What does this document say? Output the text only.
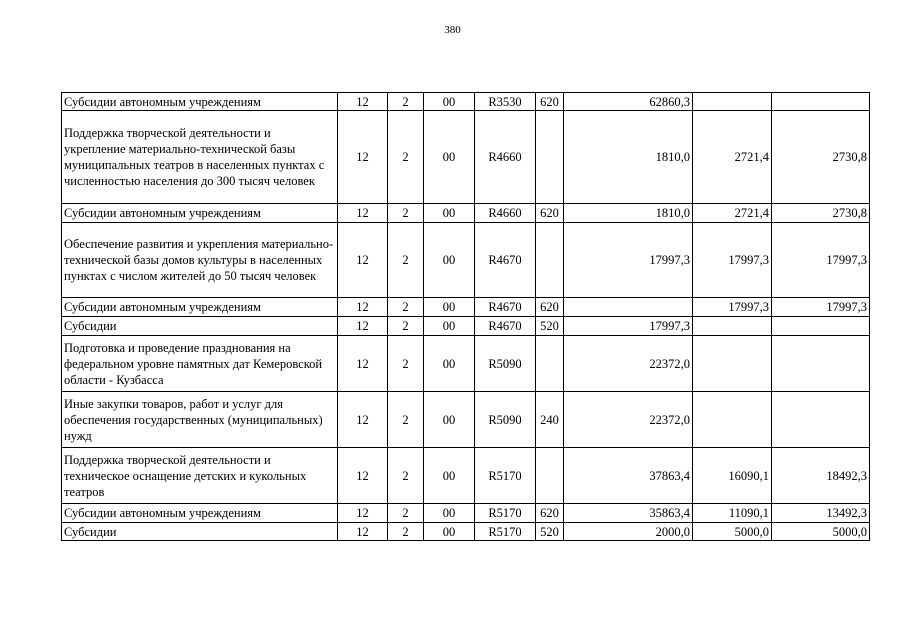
380
Субсидии автономным учреждениям	12	2	00	R3530	620	62860,3		
Поддержка творческой деятельности и укрепление материально-технической базы муниципальных театров в населенных пунктах с численностью населения до 300 тысяч человек	12	2	00	R4660		1810,0	2721,4	2730,8
Субсидии автономным учреждениям	12	2	00	R4660	620	1810,0	2721,4	2730,8
Обеспечение развития и укрепления материально-технической базы домов культуры в населенных пунктах с числом жителей до 50 тысяч человек	12	2	00	R4670		17997,3	17997,3	17997,3
Субсидии автономным учреждениям	12	2	00	R4670	620		17997,3	17997,3
Субсидии	12	2	00	R4670	520	17997,3		
Подготовка и проведение празднования на федеральном уровне памятных дат Кемеровской области - Кузбасса	12	2	00	R5090		22372,0		
Иные закупки товаров, работ и услуг для обеспечения государственных (муниципальных) нужд	12	2	00	R5090	240	22372,0		
Поддержка творческой деятельности и техническое оснащение детских и кукольных театров	12	2	00	R5170		37863,4	16090,1	18492,3
Субсидии автономным учреждениям	12	2	00	R5170	620	35863,4	11090,1	13492,3
Субсидии	12	2	00	R5170	520	2000,0	5000,0	5000,0
